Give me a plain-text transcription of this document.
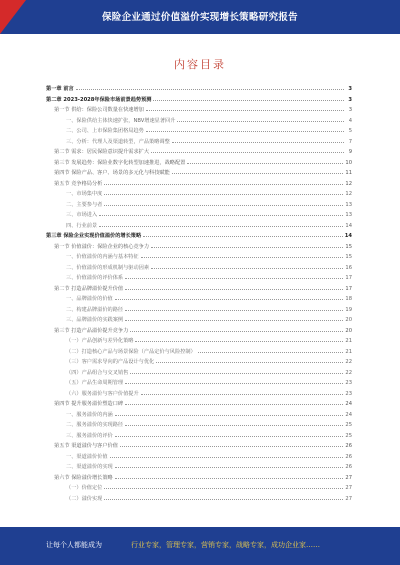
保险企业通过价值溢价实现增长策略研究报告
内容目录
第一章 前言	3
第二章 2023-2028年保险市场前景趋势预测	3
第一节 供给：保险公司数量在快速增加	3
一、保险供给主体快速扩张，NBV增速显著回升	4
二、公司、上市保险集团格局趋势	5
三、分析：代理人及渠道转型，产品策略调整	7
第二节 需求：居民保险意识提升需求扩大	9
第三节 发展趋势：保险业数字化转型加速推进，战略配置	10
第四节 保险产品、客户、场景的多元化与科技赋能	11
第五节 竞争格局分析	12
一、市场集中度	12
二、主要参与者	13
三、市场进入	13
四、行业前景	14
第三章 保险企业实现价值溢价的增长策略	14
第一节 价值溢价：保险企业的核心竞争力	15
一、价值溢价的内涵与基本特征	15
二、价值溢价的形成机制与驱动因素	16
三、价值溢价的评价体系	17
第二节 打造品牌溢价提升价值	17
一、品牌溢价的价值	18
二、构建品牌溢价的路径	19
三、品牌溢价的实践案例	20
第三节 打造产品溢价提升竞争力	20
（一）产品创新与差异化策略	21
（二）打造核心产品与场景保险（产品定价与风险控制）	21
（三）客户需求导向的产品设计与优化	22
（四）产品组合与交叉销售	22
（五）产品生命周期管理	23
（六）服务溢价与客户价值提升	23
第四节 提升服务溢价塑造口碑	24
一、服务溢价的内涵	24
二、服务溢价的实现路径	25
三、服务溢价的评价	25
第五节 渠道溢价与客户价值	26
一、渠道溢价价值	26
二、渠道溢价的实现	26
第六节 保险溢价增长策略	27
（一）价值定位	27
（二）溢价实现	27
让每个人都能成为	行业专家，管理专家，营销专家，战略专家，成功企业家……
